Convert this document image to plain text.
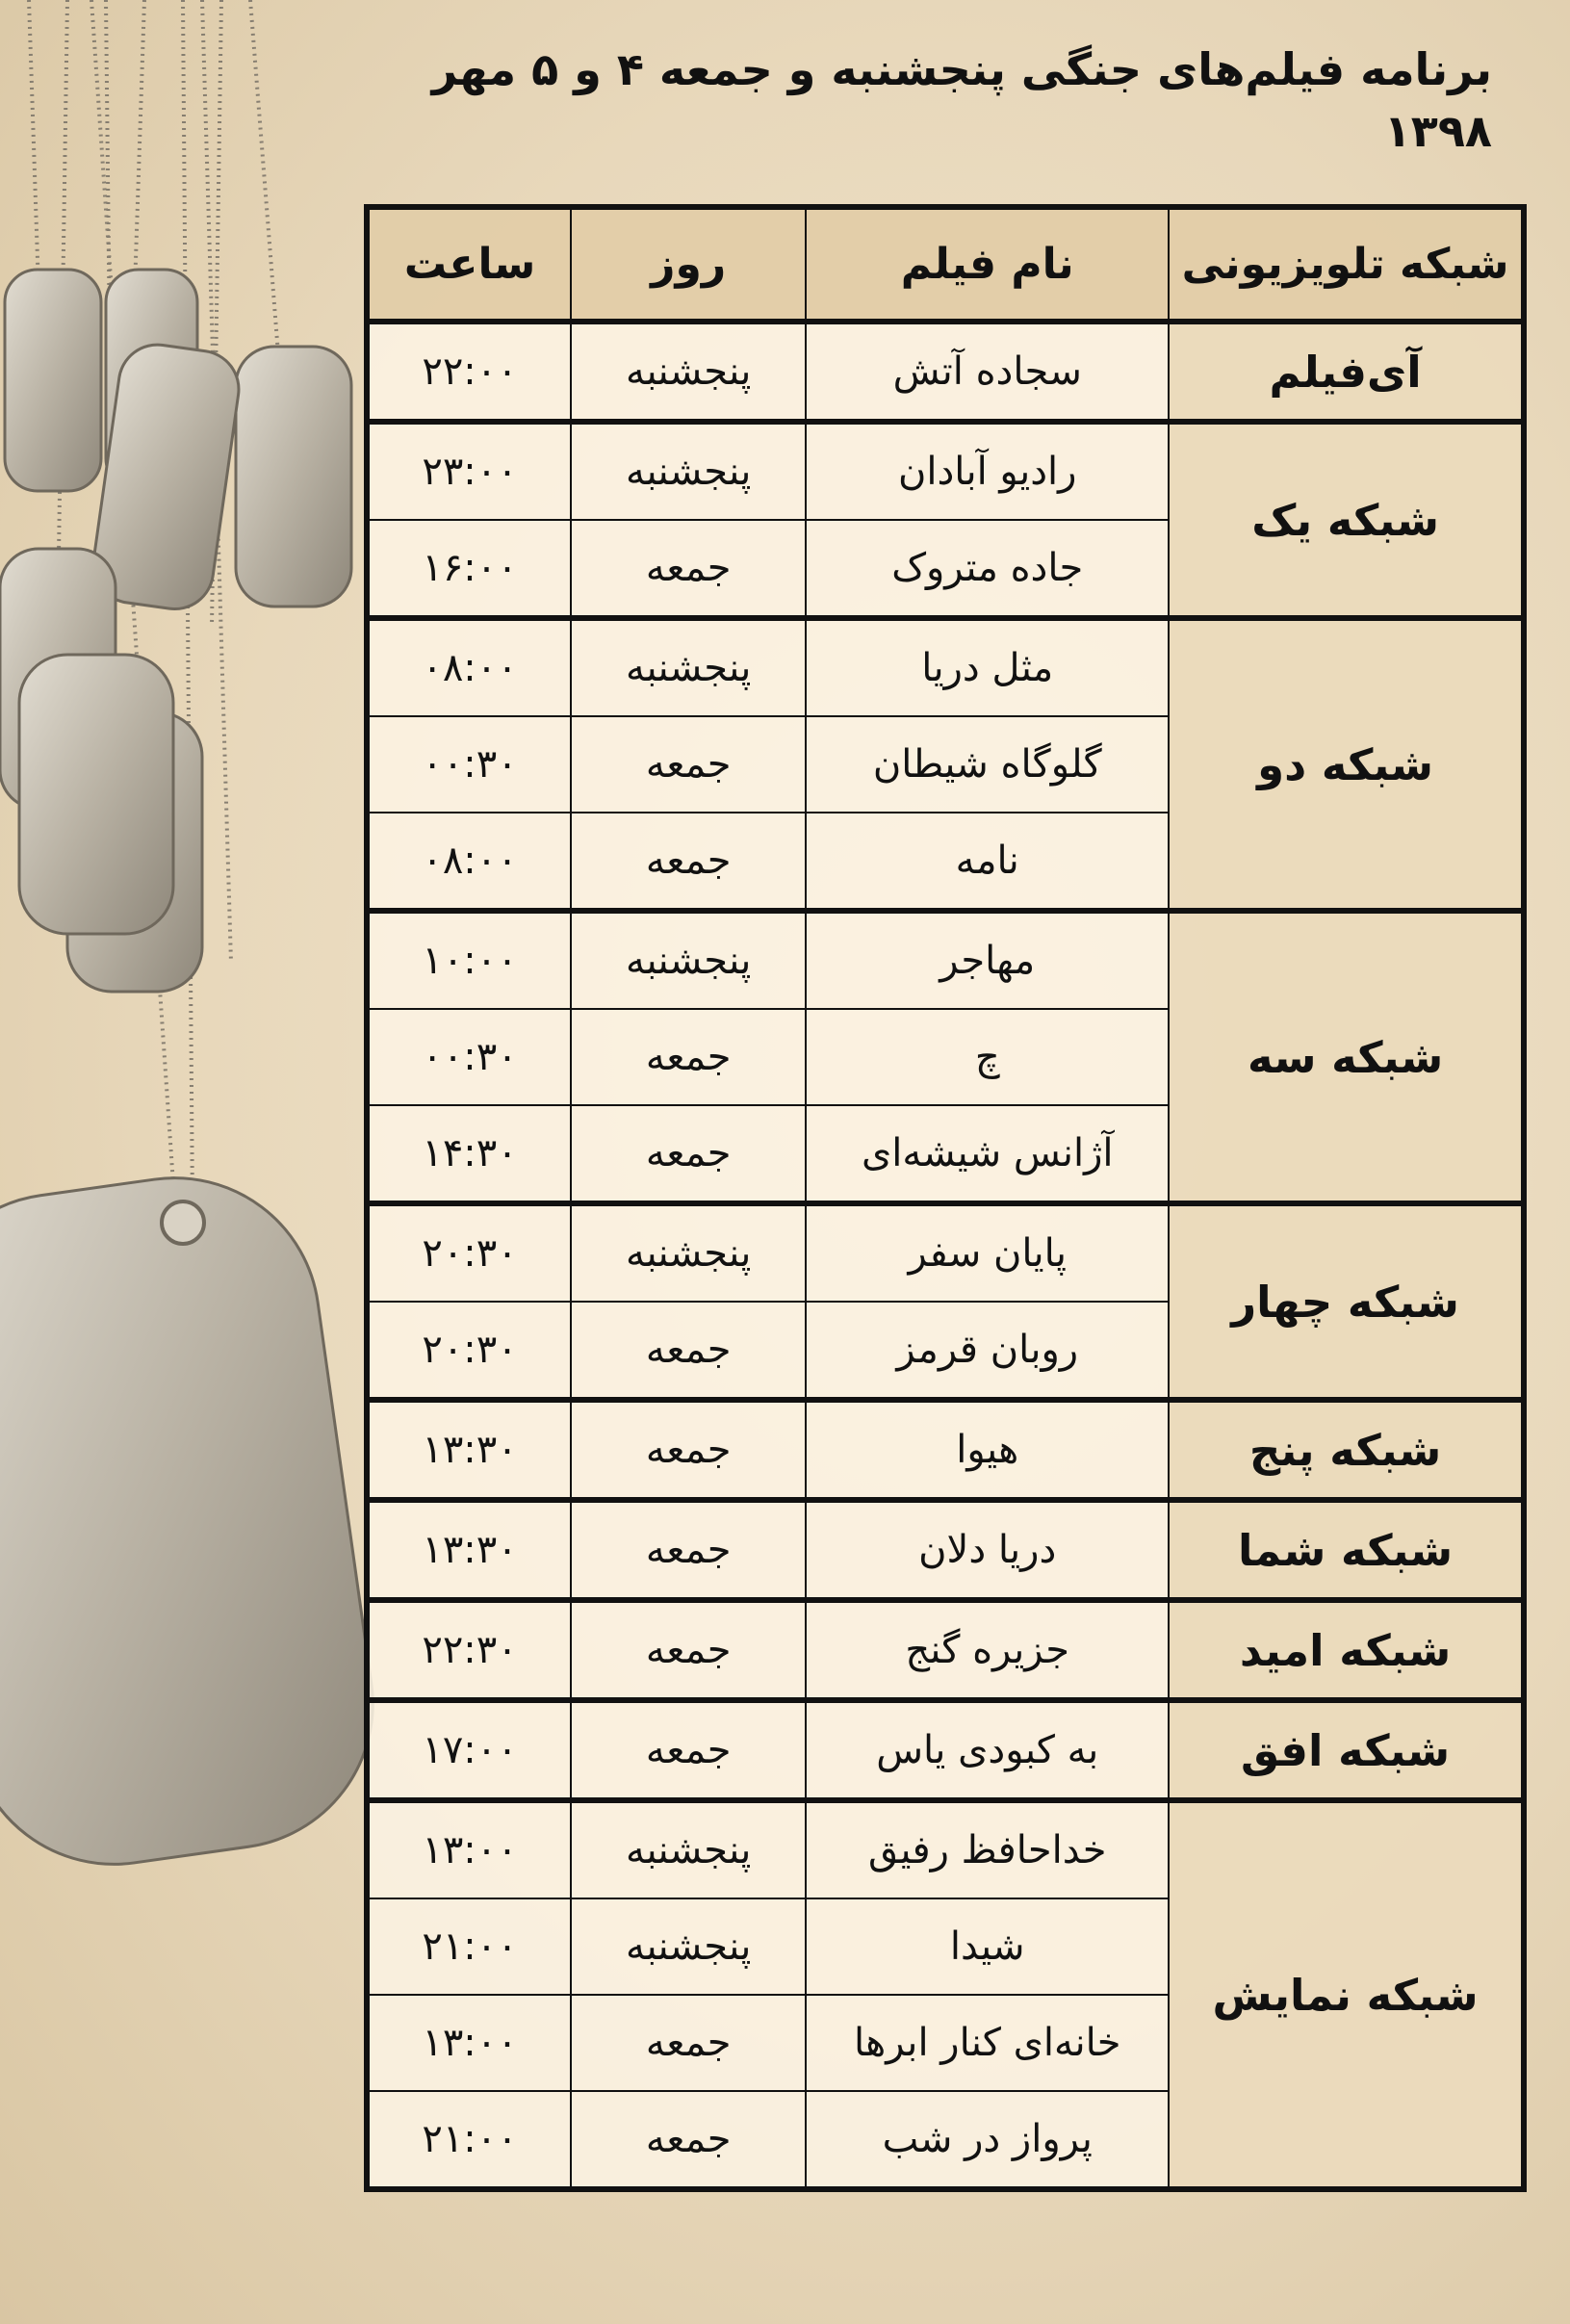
برنامه فیلم‌های جنگی پنجشنبه و جمعه ۴ و ۵ مهر ۱۳۹۸
شبکه تلویزیونی	نام فیلم	روز	ساعت
آی‌فیلم	سجاده آتش	پنجشنبه	۲۲:۰۰
شبکه یک	رادیو آبادان	پنجشنبه	۲۳:۰۰
	جاده متروک	جمعه	۱۶:۰۰
شبکه دو	مثل دریا	پنجشنبه	۰۸:۰۰
	گلوگاه شیطان	جمعه	۰۰:۳۰
	نامه	جمعه	۰۸:۰۰
شبکه سه	مهاجر	پنجشنبه	۱۰:۰۰
	چ	جمعه	۰۰:۳۰
	آژانس شیشه‌ای	جمعه	۱۴:۳۰
شبکه چهار	پایان سفر	پنجشنبه	۲۰:۳۰
	روبان قرمز	جمعه	۲۰:۳۰
شبکه پنج	هیوا	جمعه	۱۳:۳۰
شبکه شما	دریا دلان	جمعه	۱۳:۳۰
شبکه امید	جزیره گنج	جمعه	۲۲:۳۰
شبکه افق	به کبودی یاس	جمعه	۱۷:۰۰
شبکه نمایش	خداحافظ رفیق	پنجشنبه	۱۳:۰۰
	شیدا	پنجشنبه	۲۱:۰۰
	خانه‌ای کنار ابرها	جمعه	۱۳:۰۰
	پرواز در شب	جمعه	۲۱:۰۰
